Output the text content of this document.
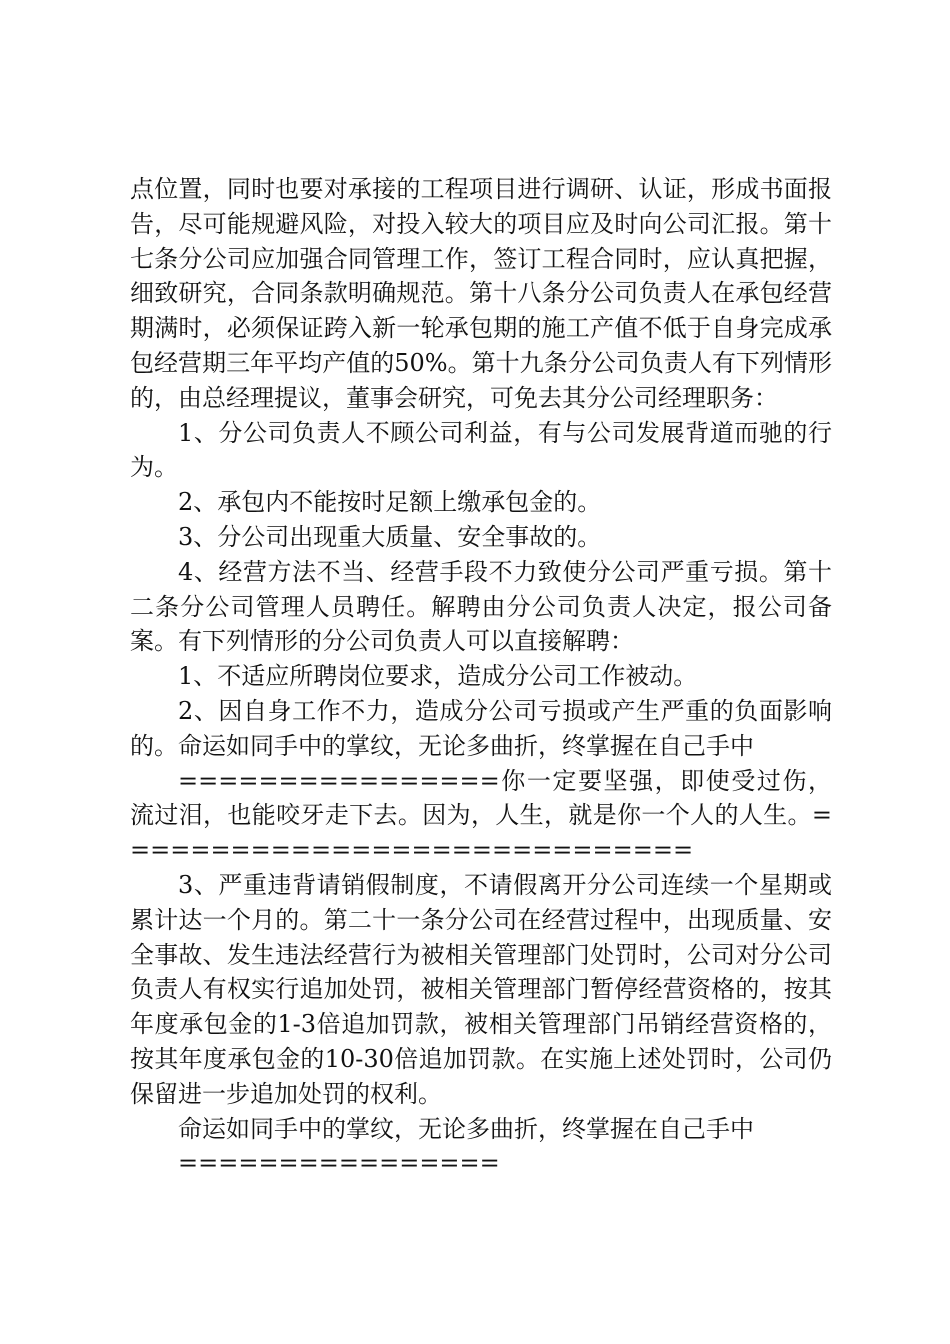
点位置，同时也要对承接的工程项目进行调研、认证，形成书面报告，尽可能规避风险，对投入较大的项目应及时向公司汇报。第十七条分公司应加强合同管理工作，签订工程合同时，应认真把握，细致研究，合同条款明确规范。第十八条分公司负责人在承包经营期满时，必须保证跨入新一轮承包期的施工产值不低于自身完成承包经营期三年平均产值的50%。第十九条分公司负责人有下列情形的，由总经理提议，董事会研究，可免去其分公司经理职务：

1、分公司负责人不顾公司利益，有与公司发展背道而驰的行为。

2、承包内不能按时足额上缴承包金的。

3、分公司出现重大质量、安全事故的。

4、经营方法不当、经营手段不力致使分公司严重亏损。第十二条分公司管理人员聘任。解聘由分公司负责人决定，报公司备案。有下列情形的分公司负责人可以直接解聘：

1、不适应所聘岗位要求，造成分公司工作被动。

2、因自身工作不力，造成分公司亏损或产生严重的负面影响的。命运如同手中的掌纹，无论多曲折，终掌握在自己手中

================你一定要坚强，即使受过伤，流过泪，也能咬牙走下去。因为，人生，就是你一个人的人生。=============================

3、严重违背请销假制度，不请假离开分公司连续一个星期或累计达一个月的。第二十一条分公司在经营过程中，出现质量、安全事故、发生违法经营行为被相关管理部门处罚时，公司对分公司负责人有权实行追加处罚，被相关管理部门暂停经营资格的，按其年度承包金的1-3倍追加罚款，被相关管理部门吊销经营资格的，按其年度承包金的10-30倍追加罚款。在实施上述处罚时，公司仍保留进一步追加处罚的权利。

命运如同手中的掌纹，无论多曲折，终掌握在自己手中

================
